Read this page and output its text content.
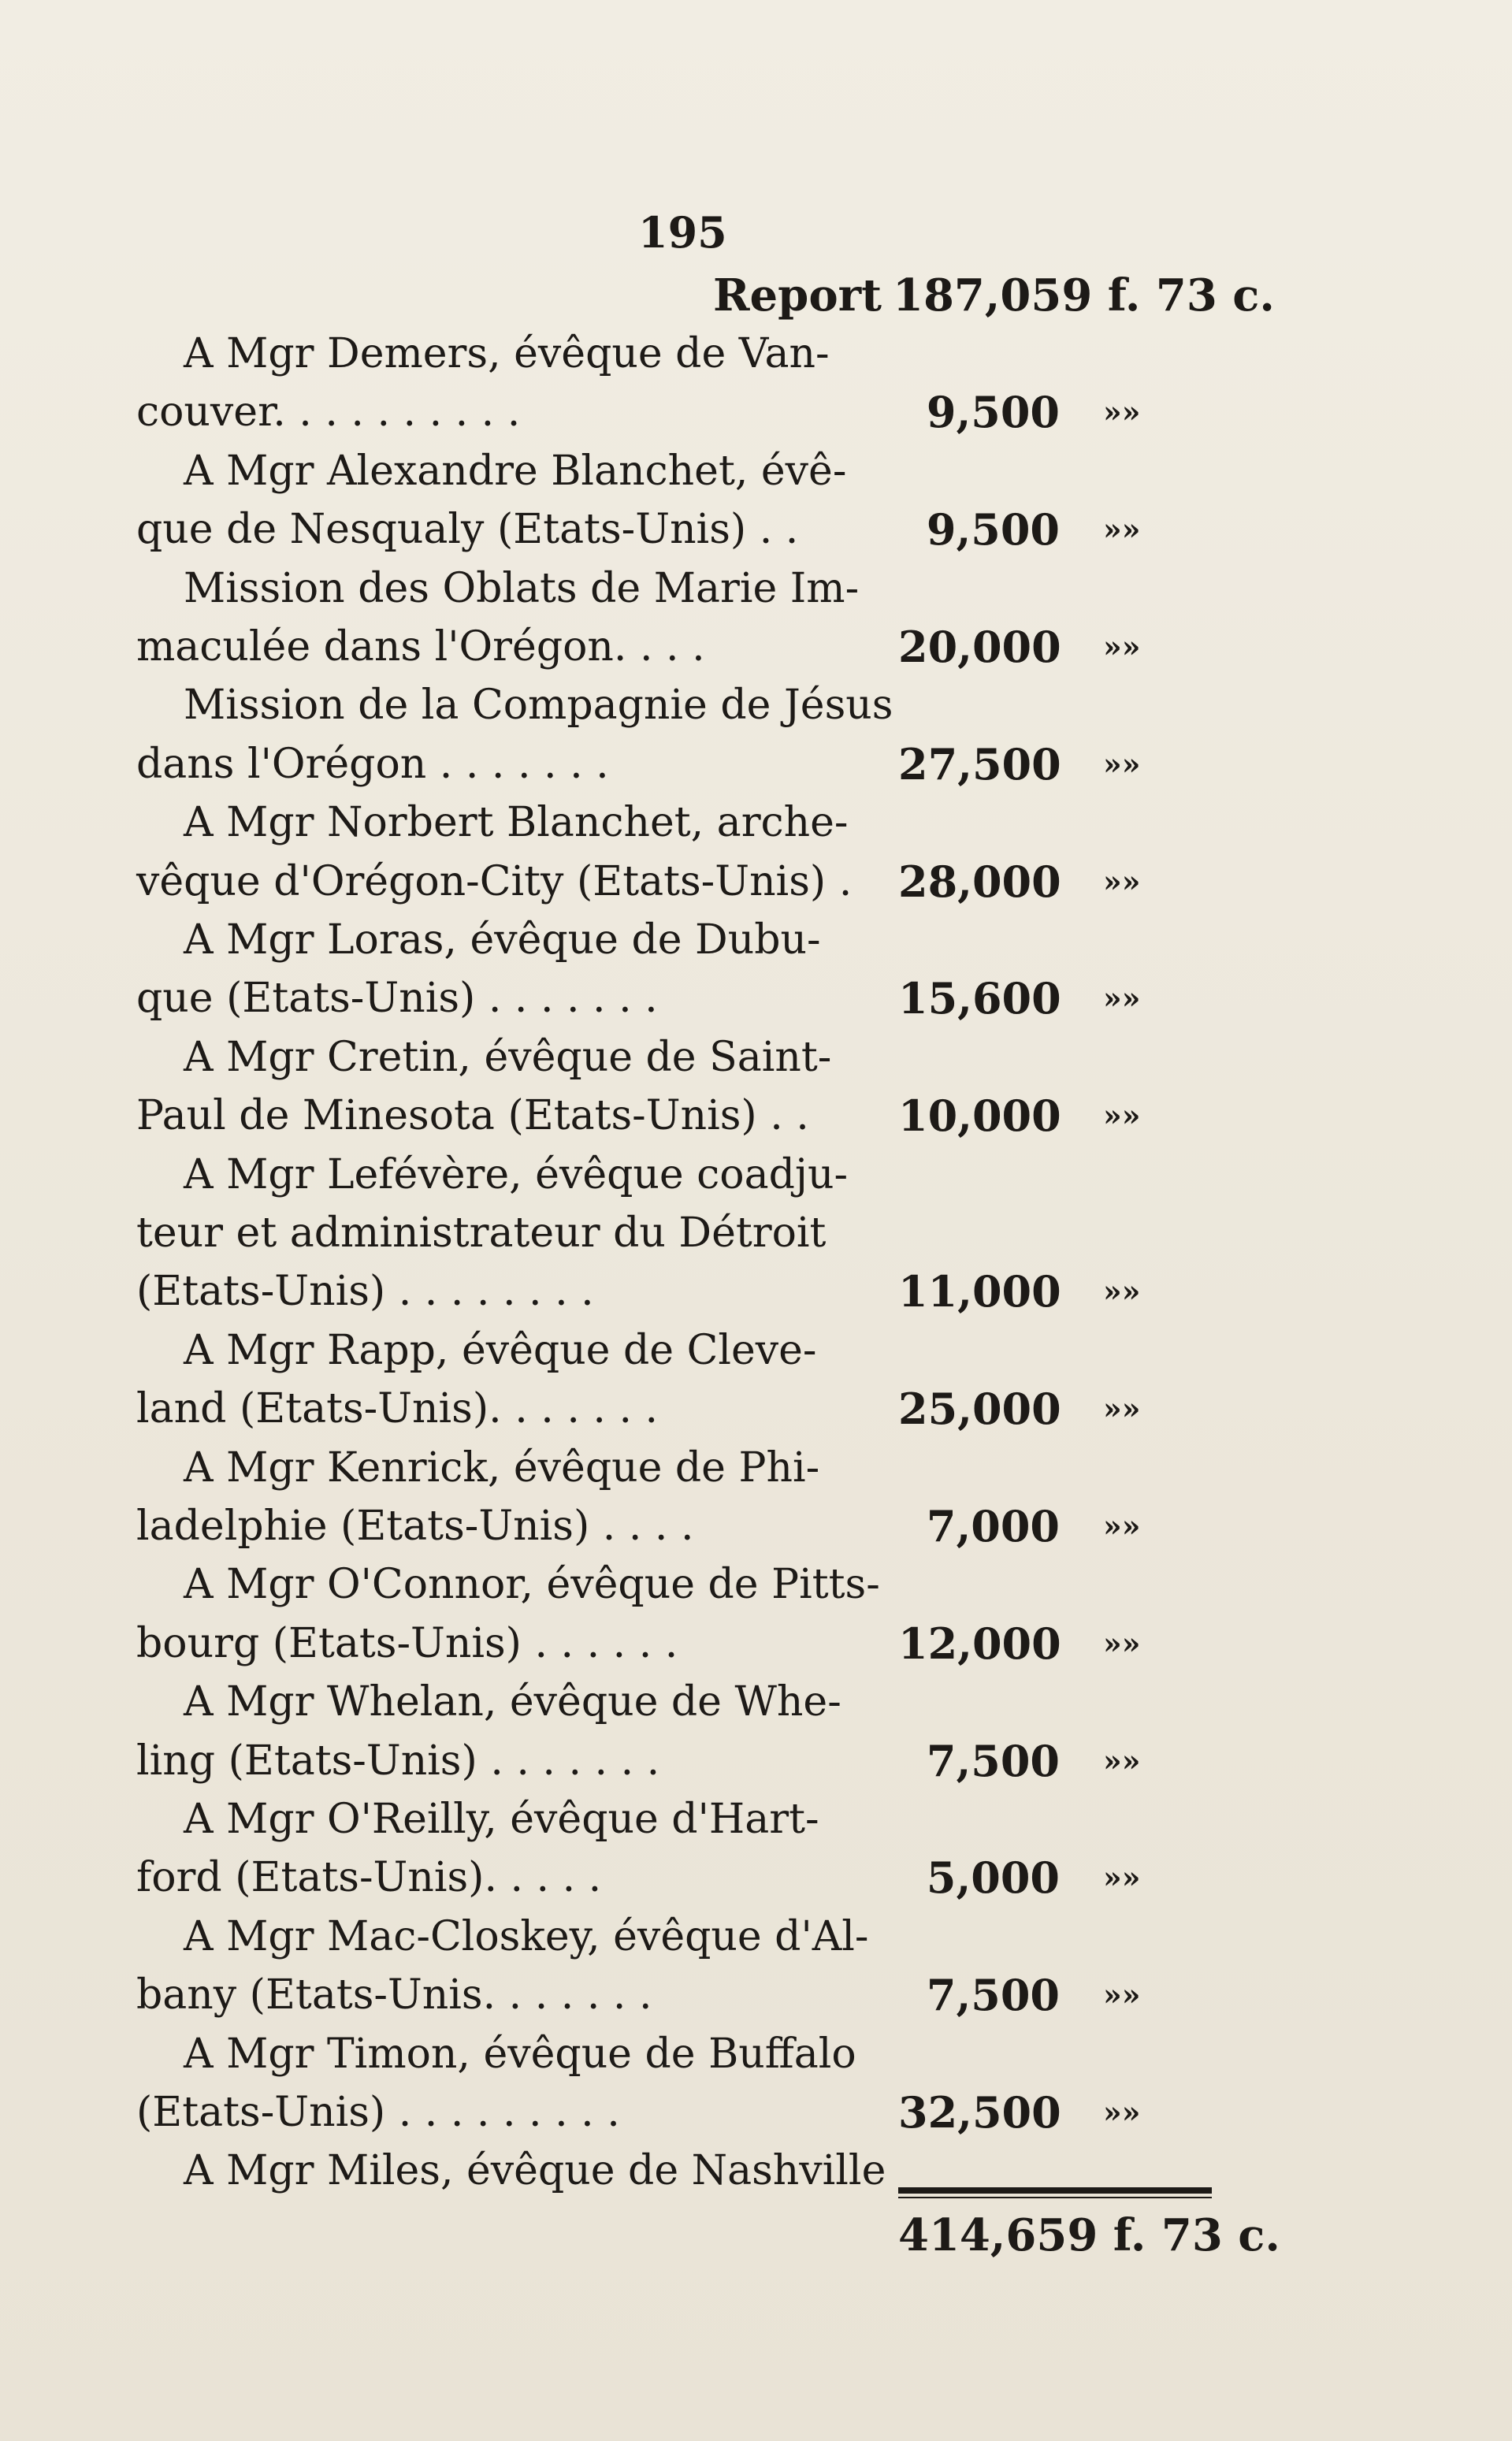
195
Report 187,059 f. 73 c.
A Mgr Demers, évêque de Van-
couver. . . . . . . . . .	9,500 »»
A Mgr Alexandre Blanchet, évê-
que de Nesqualy (Etats-Unis) . .	9,500 »»
Mission des Oblats de Marie Im-
maculée dans l'Orégon. . . .	20,000 »»
Mission de la Compagnie de Jésus
dans l'Orégon . . . . . . .	27,500 »»
A Mgr Norbert Blanchet, arche-
vêque d'Orégon-City (Etats-Unis) . 28,000 »»
A Mgr Loras, évêque de Dubu-
que (Etats-Unis) . . . . . . .	15,600 »»
A Mgr Cretin, évêque de Saint-
Paul de Minesota (Etats-Unis) . .	10,000 »»
A Mgr Lefévère, évêque coadju-
teur et administrateur du Détroit
(Etats-Unis) . . . . . . . .	11,000 »»
A Mgr Rapp, évêque de Cleve-
land (Etats-Unis). . . . . . .	25,000 »»
A Mgr Kenrick, évêque de Phi-
ladelphie (Etats-Unis) . . . .	7,000 »»
A Mgr O'Connor, évêque de Pitts-
bourg (Etats-Unis) . . . . . .	12,000 »»
A Mgr Whelan, évêque de Whe-
ling (Etats-Unis) . . . . . . .	7,500 »»
A Mgr O'Reilly, évêque d'Hart-
ford (Etats-Unis). . . . .	5,000 »»
A Mgr Mac-Closkey, évêque d'Al-
bany (Etats-Unis. . . . . . .	7,500 »»
A Mgr Timon, évêque de Buffalo
(Etats-Unis) . . . . . . . . .	32,500 »»
A Mgr Miles, évêque de Nashville
414,659 f. 73 c.
